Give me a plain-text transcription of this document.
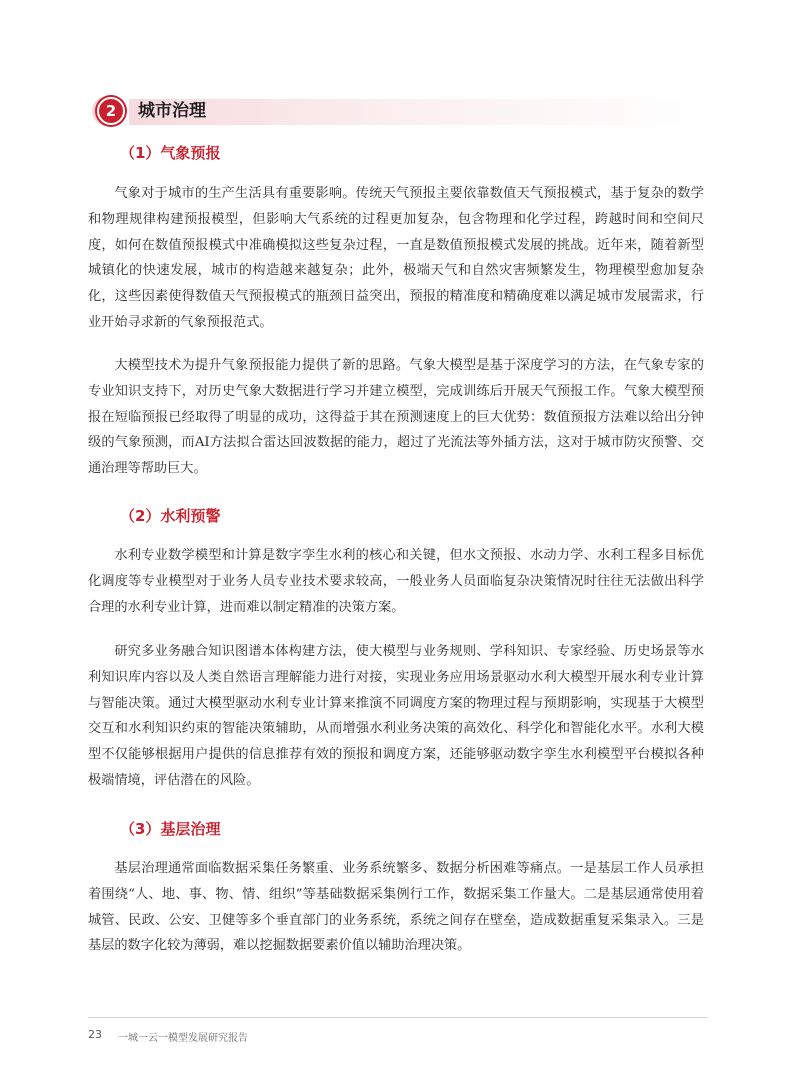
2	城市治理
（1）气象预报

气象对于城市的生产生活具有重要影响。传统天气预报主要依靠数值天气预报模式，基于复杂的数学和物理规律构建预报模型，但影响大气系统的过程更加复杂，包含物理和化学过程，跨越时间和空间尺度，如何在数值预报模式中准确模拟这些复杂过程，一直是数值预报模式发展的挑战。近年来，随着新型城镇化的快速发展，城市的构造越来越复杂；此外，极端天气和自然灾害频繁发生，物理模型愈加复杂化，这些因素使得数值天气预报模式的瓶颈日益突出，预报的精准度和精确度难以满足城市发展需求，行业开始寻求新的气象预报范式。

大模型技术为提升气象预报能力提供了新的思路。气象大模型是基于深度学习的方法，在气象专家的专业知识支持下，对历史气象大数据进行学习并建立模型，完成训练后开展天气预报工作。气象大模型预报在短临预报已经取得了明显的成功，这得益于其在预测速度上的巨大优势：数值预报方法难以给出分钟级的气象预测，而AI方法拟合雷达回波数据的能力，超过了光流法等外插方法，这对于城市防灾预警、交通治理等帮助巨大。

（2）水利预警

水利专业数学模型和计算是数字孪生水利的核心和关键，但水文预报、水动力学、水利工程多目标优化调度等专业模型对于业务人员专业技术要求较高，一般业务人员面临复杂决策情况时往往无法做出科学合理的水利专业计算，进而难以制定精准的决策方案。

研究多业务融合知识图谱本体构建方法，使大模型与业务规则、学科知识、专家经验、历史场景等水利知识库内容以及人类自然语言理解能力进行对接，实现业务应用场景驱动水利大模型开展水利专业计算与智能决策。通过大模型驱动水利专业计算来推演不同调度方案的物理过程与预期影响，实现基于大模型交互和水利知识约束的智能决策辅助，从而增强水利业务决策的高效化、科学化和智能化水平。水利大模型不仅能够根据用户提供的信息推荐有效的预报和调度方案，还能够驱动数字孪生水利模型平台模拟各种极端情境，评估潜在的风险。

（3）基层治理

基层治理通常面临数据采集任务繁重、业务系统繁多、数据分析困难等痛点。一是基层工作人员承担着围绕“人、地、事、物、情、组织”等基础数据采集例行工作，数据采集工作量大。二是基层通常使用着城管、民政、公安、卫健等多个垂直部门的业务系统，系统之间存在壁垒，造成数据重复采集录入。三是基层的数字化较为薄弱，难以挖掘数据要素价值以辅助治理决策。

23 一城一云一模型发展研究报告
